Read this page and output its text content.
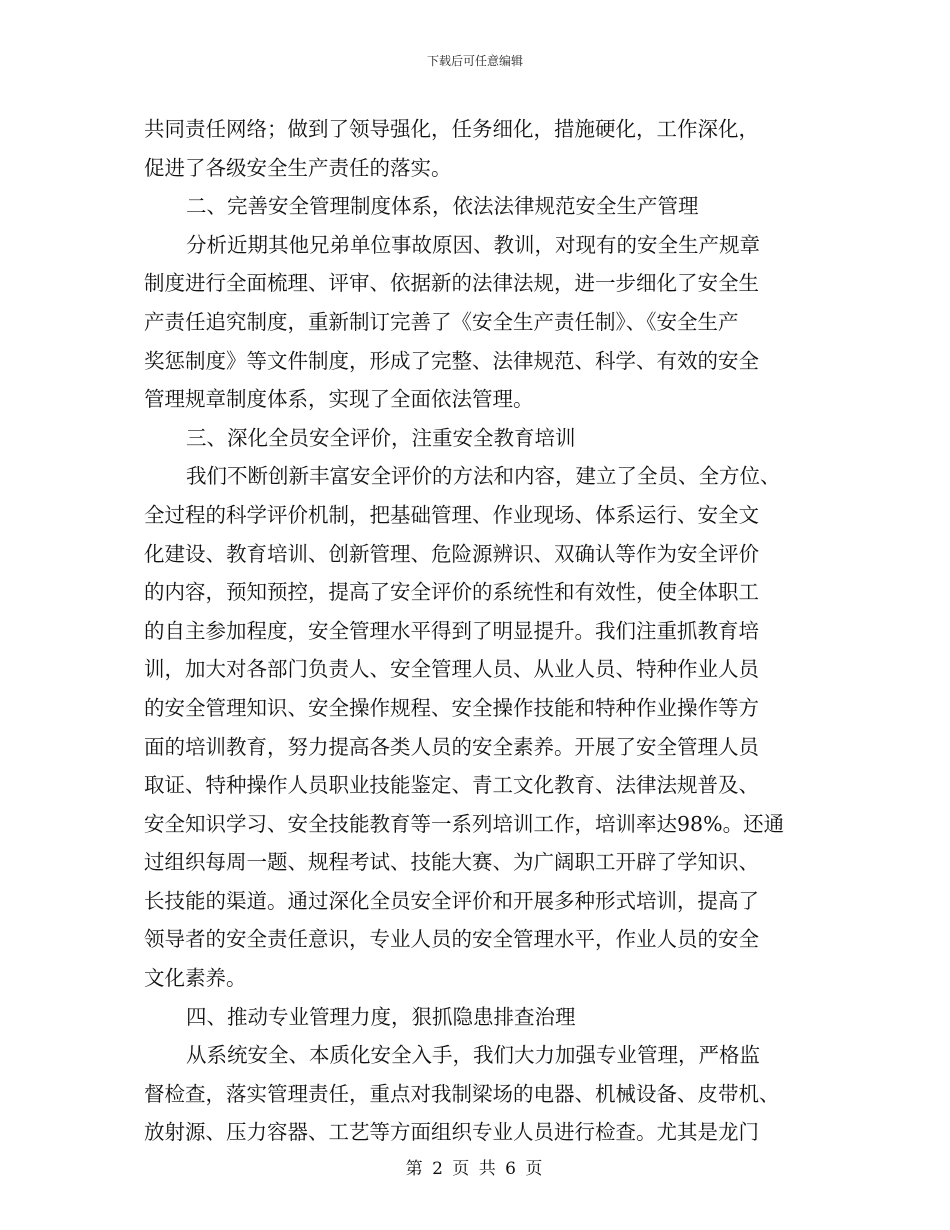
下载后可任意编辑
共同责任网络；做到了领导强化，任务细化，措施硬化，工作深化，
促进了各级安全生产责任的落实。
二、完善安全管理制度体系，依法法律规范安全生产管理
分析近期其他兄弟单位事故原因、教训，对现有的安全生产规章
制度进行全面梳理、评审、依据新的法律法规，进一步细化了安全生
产责任追究制度，重新制订完善了《安全生产责任制》、《安全生产
奖惩制度》等文件制度，形成了完整、法律规范、科学、有效的安全
管理规章制度体系，实现了全面依法管理。
三、深化全员安全评价，注重安全教育培训
我们不断创新丰富安全评价的方法和内容，建立了全员、全方位、
全过程的科学评价机制，把基础管理、作业现场、体系运行、安全文
化建设、教育培训、创新管理、危险源辨识、双确认等作为安全评价
的内容，预知预控，提高了安全评价的系统性和有效性，使全体职工
的自主参加程度，安全管理水平得到了明显提升。我们注重抓教育培
训，加大对各部门负责人、安全管理人员、从业人员、特种作业人员
的安全管理知识、安全操作规程、安全操作技能和特种作业操作等方
面的培训教育，努力提高各类人员的安全素养。开展了安全管理人员
取证、特种操作人员职业技能鉴定、青工文化教育、法律法规普及、
安全知识学习、安全技能教育等一系列培训工作，培训率达98%。还通
过组织每周一题、规程考试、技能大赛、为广阔职工开辟了学知识、
长技能的渠道。通过深化全员安全评价和开展多种形式培训，提高了
领导者的安全责任意识，专业人员的安全管理水平，作业人员的安全
文化素养。
四、推动专业管理力度，狠抓隐患排查治理
从系统安全、本质化安全入手，我们大力加强专业管理，严格监
督检查，落实管理责任，重点对我制梁场的电器、机械设备、皮带机、
放射源、压力容器、工艺等方面组织专业人员进行检查。尤其是龙门
第 2 页 共 6 页
